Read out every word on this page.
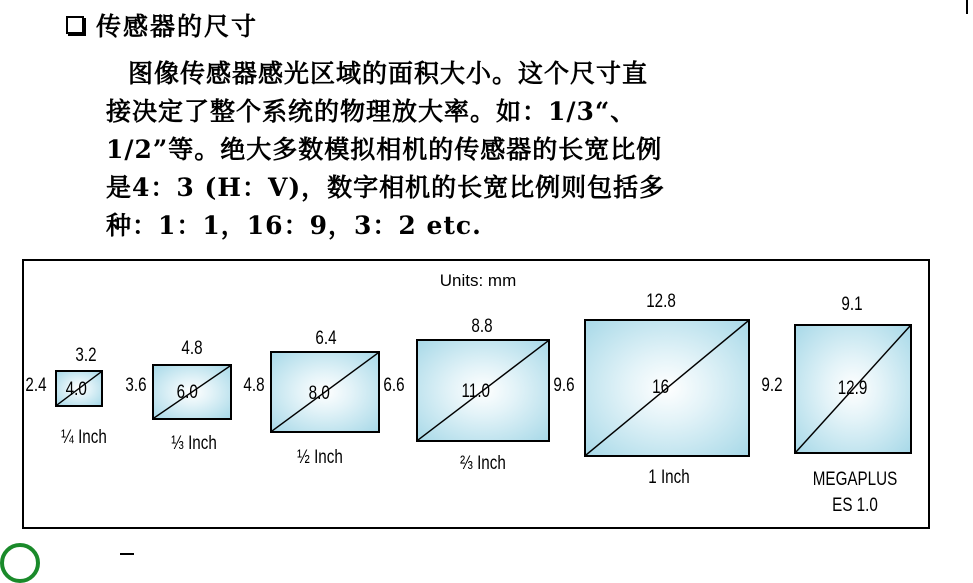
传感器的尺寸
图像传感器感光区域的面积大小。这个尺寸直
接决定了整个系统的物理放大率。如：1/3“、
1/2”等。绝大多数模拟相机的传感器的长宽比例
是4：3 (H：V)，数字相机的长宽比例则包括多
种：1：1，16：9，3：2 etc.
Units: mm
3.2
2.4 4.0
¼ Inch
4.8
3.6 6.0
⅓ Inch
6.4
4.8 8.0
½ Inch
8.8
6.6	11.0
⅔ Inch
12.8
9.6	16
1 Inch
9.1
9.2	12.9
MEGAPLUS ES 1.0
